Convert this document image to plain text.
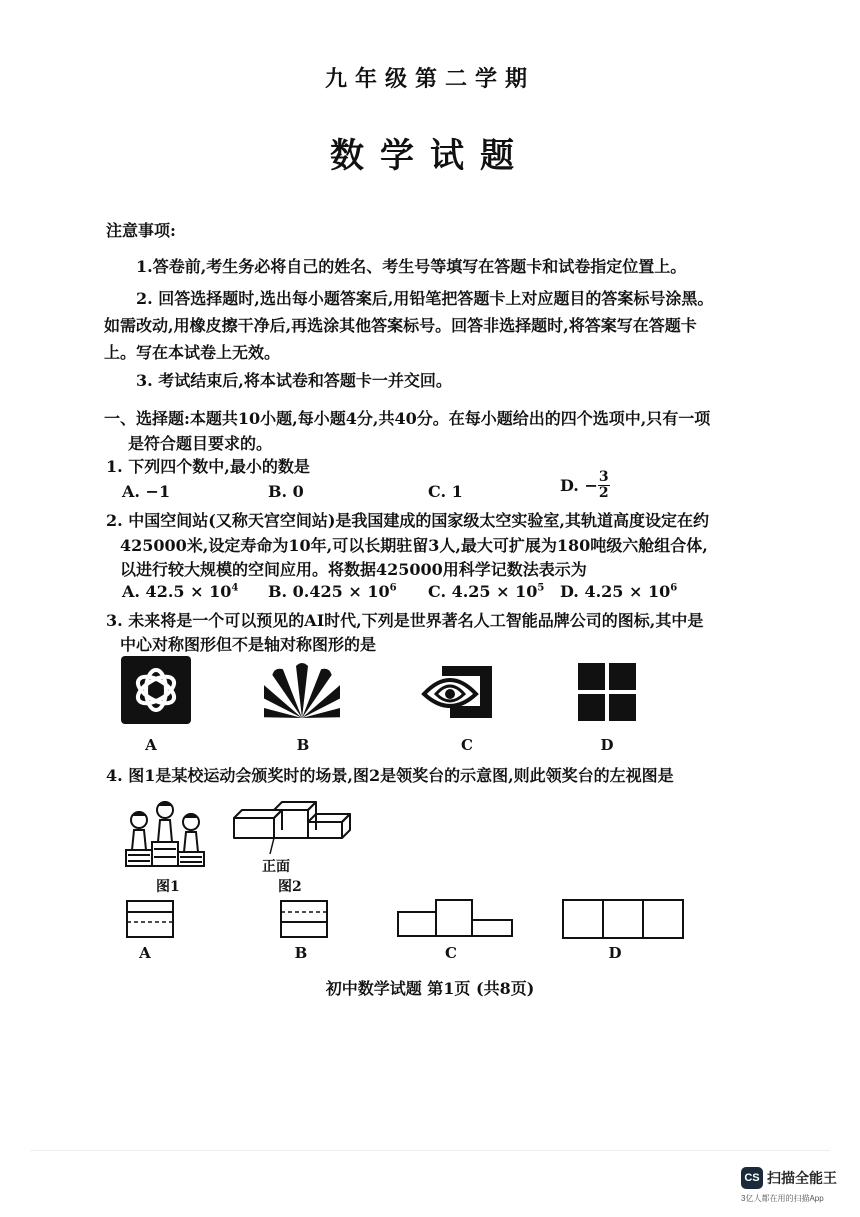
九年级第二学期
数学试题
注意事项:
1.答卷前,考生务必将自己的姓名、考生号等填写在答题卡和试卷指定位置上。
2. 回答选择题时,选出每小题答案后,用铅笔把答题卡上对应题目的答案标号涂黑。
如需改动,用橡皮擦干净后,再选涂其他答案标号。回答非选择题时,将答案写在答题卡
上。写在本试卷上无效。
3. 考试结束后,将本试卷和答题卡一并交回。
一、选择题:本题共10小题,每小题4分,共40分。在每小题给出的四个选项中,只有一项
是符合题目要求的。
1. 下列四个数中,最小的数是
A. −1	B. 0	C. 1	D. − $\frac{3}{2}$
2. 中国空间站(又称天宫空间站)是我国建成的国家级太空实验室,其轨道高度设定在约
425000米,设定寿命为10年,可以长期驻留3人,最大可扩展为180吨级六舱组合体,
以进行较大规模的空间应用。将数据425000用科学记数法表示为
A. $42.5 \times 10^4$ B. $0.425 \times 10^6$ C. $4.25 \times 10^5$ D. $4.25 \times 10^6$
3. 未来将是一个可以预见的AI时代,下列是世界著名人工智能品牌公司的图标,其中是
中心对称图形但不是轴对称图形的是
A	B	C	D
4. 图1是某校运动会颁奖时的场景,图2是领奖台的示意图,则此领奖台的左视图是
正面
图1	图2
A	B	C	D
初中数学试题 第1页 (共8页)
CS 扫描全能王
3亿人都在用的扫描App
